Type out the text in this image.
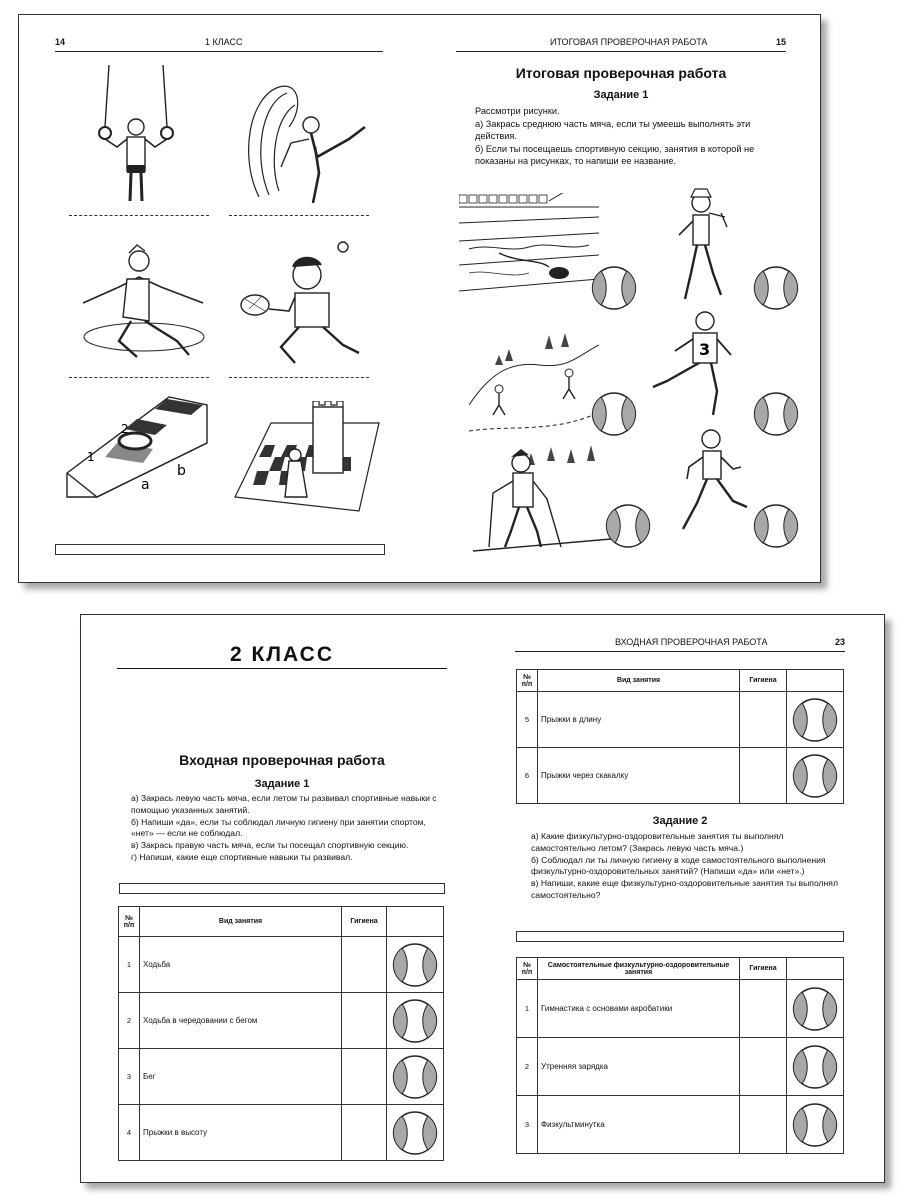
14	1 КЛАСС
a
b
1
2
ИТОГОВАЯ ПРОВЕРОЧНАЯ РАБОТА	15
Итоговая проверочная работа
Задание 1

Рассмотри рисунки.

а) Закрась среднюю часть мяча, если ты умеешь выполнять эти действия.

б) Если ты посещаешь спортивную секцию, занятия в которой не показаны на рисунках, то напиши ее название.

3
2 КЛАСС
Входная проверочная работа
Задание 1

а) Закрась левую часть мяча, если летом ты развивал спортивные навыки с помощью указанных занятий.

б) Напиши «да», если ты соблюдал личную гигиену при занятии спортом, «нет» — если не соблюдал.

в) Закрась правую часть мяча, если ты посещал спортивную секцию.

г) Напиши, какие еще спортивные навыки ты развивал.

№ п/п	Вид занятия	Гигиена	
1	Ходьба		

2	Ходьба в чередовании с бегом		

3	Бег		

4	Прыжки в высоту		
ВХОДНАЯ ПРОВЕРОЧНАЯ РАБОТА	23
№ п/п	Вид занятия	Гигиена	
5	Прыжки в длину		

6	Прыжки через скакалку		
Задание 2

а) Какие физкультурно-оздоровительные занятия ты выполнял самостоятельно летом? (Закрась левую часть мяча.)

б) Соблюдал ли ты личную гигиену в ходе самостоятельного выполнения физкультурно-оздоровительных занятий? (Напиши «да» или «нет».)

в) Напиши, какие еще физкультурно-оздоровительные занятия ты выполнял самостоятельно?

№ п/п	Самостоятельные физкультурно-оздоровительные занятия	Гигиена	
1	Гимнастика с основами акробатики		

2	Утренняя зарядка		

3	Физкультминутка		
